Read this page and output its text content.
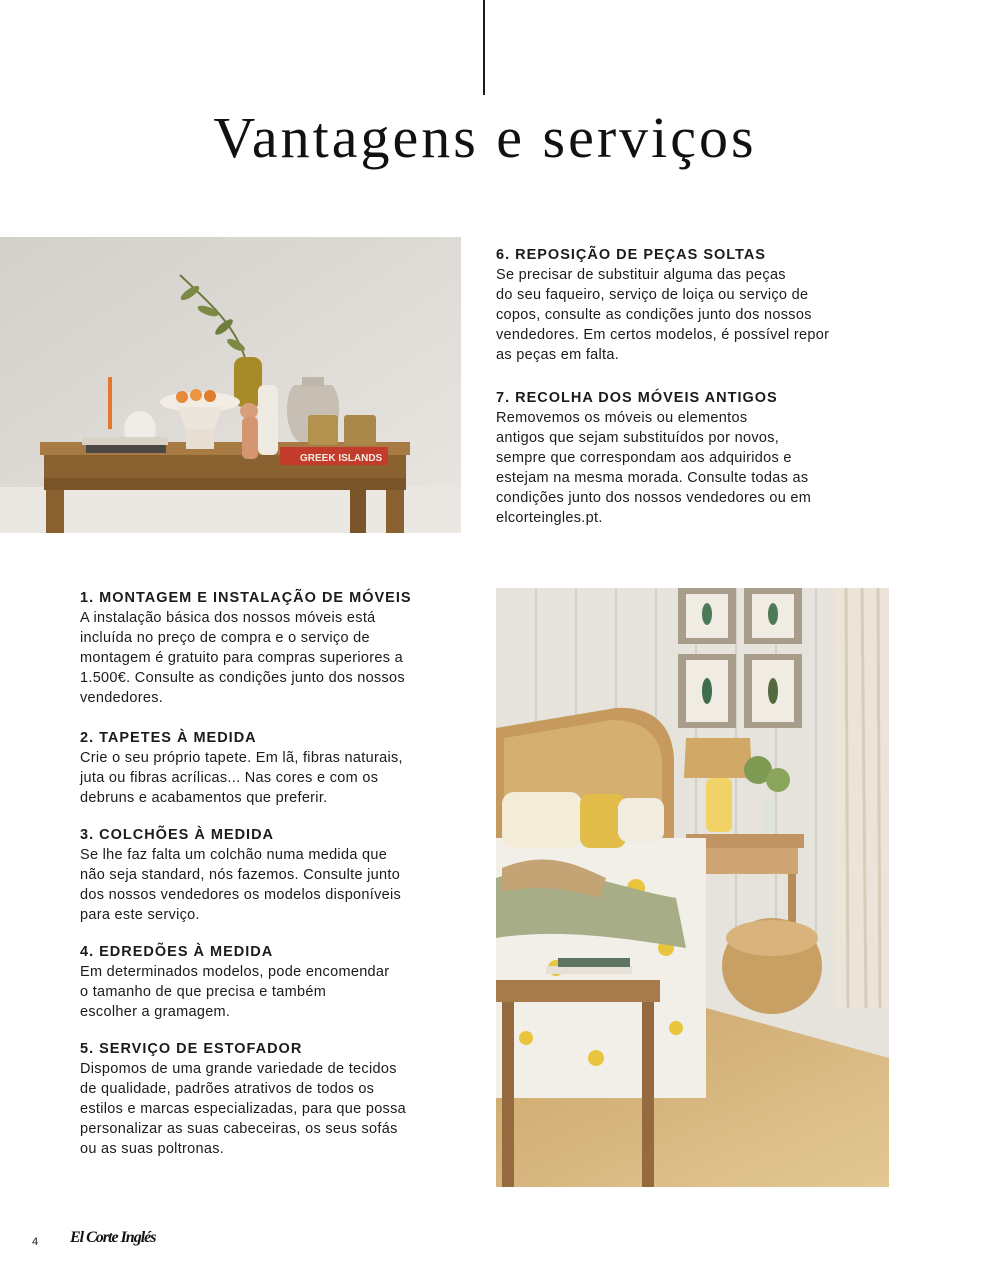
Vantagens e serviços
GREEK ISLANDS
6. REPOSIÇÃO DE PEÇAS SOLTAS

Se precisar de substituir alguma das peças

do seu faqueiro, serviço de loiça ou serviço de

copos, consulte as condições junto dos nossos

vendedores. Em certos modelos, é possível repor

as peças em falta.

7. RECOLHA DOS MÓVEIS ANTIGOS

Removemos os móveis ou elementos

antigos que sejam substituídos por novos,

sempre que correspondam aos adquiridos e

estejam na mesma morada. Consulte todas as

condições junto dos nossos vendedores ou em

elcorteingles.pt.

1. MONTAGEM E INSTALAÇÃO DE MÓVEIS

A instalação básica dos nossos móveis está

incluída no preço de compra e o serviço de

montagem é gratuito para compras superiores a

1.500€. Consulte as condições junto dos nossos

vendedores.

2. TAPETES À MEDIDA

Crie o seu próprio tapete. Em lã, fibras naturais,

juta ou fibras acrílicas... Nas cores e com os

debruns e acabamentos que preferir.

3. COLCHÕES À MEDIDA

Se lhe faz falta um colchão numa medida que

não seja standard, nós fazemos. Consulte junto

dos nossos vendedores os modelos disponíveis

para este serviço.

4. EDREDÕES À MEDIDA

Em determinados modelos, pode encomendar

o tamanho de que precisa e também

escolher a gramagem.

5. SERVIÇO DE ESTOFADOR

Dispomos de uma grande variedade de tecidos

de qualidade, padrões atrativos de todos os

estilos e marcas especializadas, para que possa

personalizar as suas cabeceiras, os seus sofás

ou as suas poltronas.

4 El Corte Inglés
